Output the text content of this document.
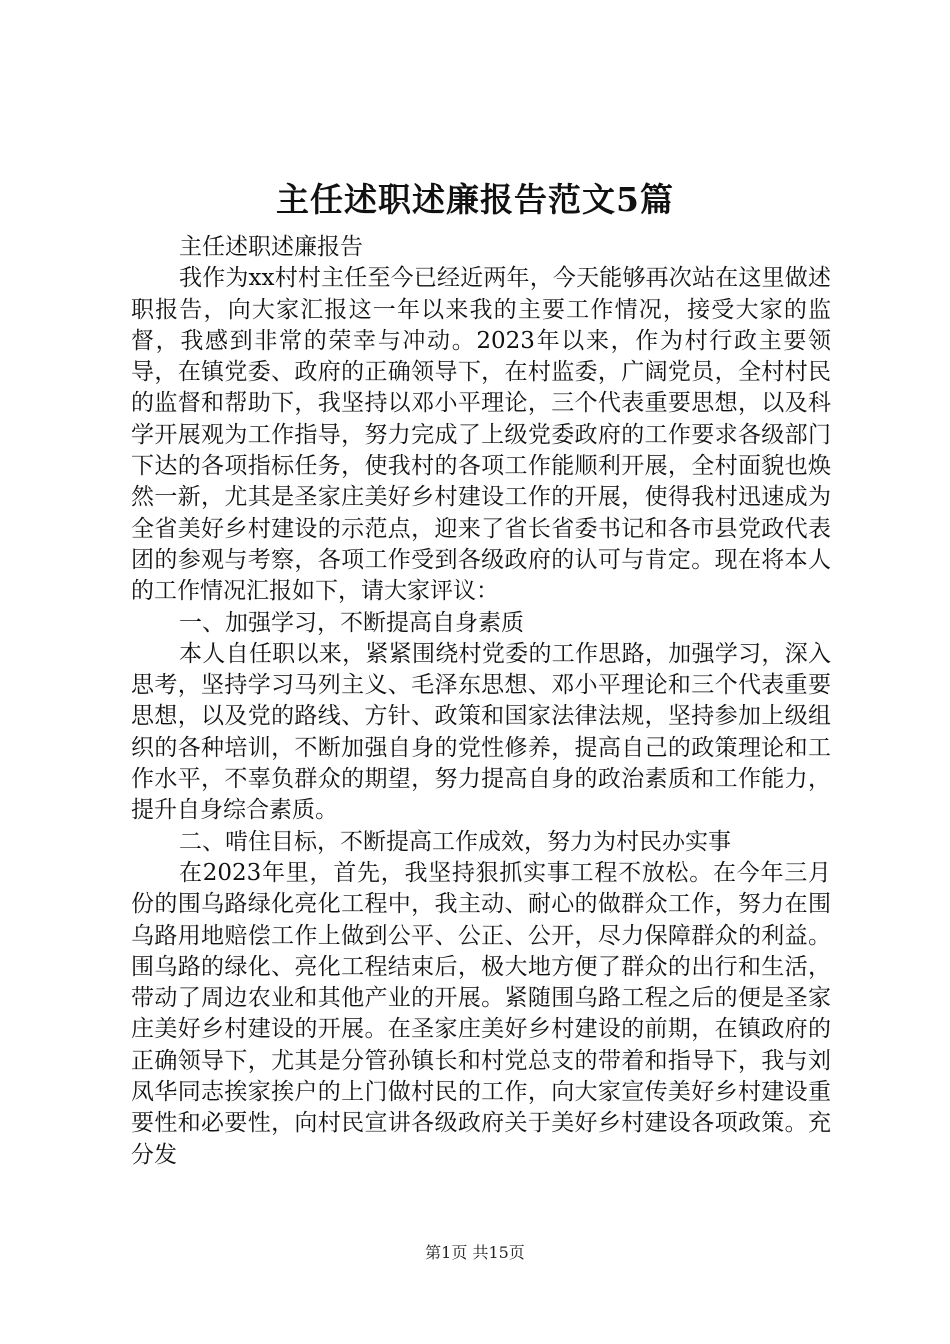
主任述职述廉报告范文5篇

主任述职述廉报告

我作为xx村村主任至今已经近两年，今天能够再次站在这里做述职报告，向大家汇报这一年以来我的主要工作情况，接受大家的监督，我感到非常的荣幸与冲动。2023年以来，作为村行政主要领导，在镇党委、政府的正确领导下，在村监委，广阔党员，全村村民的监督和帮助下，我坚持以邓小平理论，三个代表重要思想，以及科学开展观为工作指导，努力完成了上级党委政府的工作要求各级部门下达的各项指标任务，使我村的各项工作能顺利开展，全村面貌也焕然一新，尤其是圣家庄美好乡村建设工作的开展，使得我村迅速成为全省美好乡村建设的示范点，迎来了省长省委书记和各市县党政代表团的参观与考察，各项工作受到各级政府的认可与肯定。现在将本人的工作情况汇报如下，请大家评议：

一、加强学习，不断提高自身素质

本人自任职以来，紧紧围绕村党委的工作思路，加强学习，深入思考，坚持学习马列主义、毛泽东思想、邓小平理论和三个代表重要思想，以及党的路线、方针、政策和国家法律法规，坚持参加上级组织的各种培训，不断加强自身的党性修养，提高自己的政策理论和工作水平，不辜负群众的期望，努力提高自身的政治素质和工作能力，提升自身综合素质。

二、啃住目标，不断提高工作成效，努力为村民办实事

在2023年里，首先，我坚持狠抓实事工程不放松。在今年三月份的围乌路绿化亮化工程中，我主动、耐心的做群众工作，努力在围乌路用地赔偿工作上做到公平、公正、公开，尽力保障群众的利益。围乌路的绿化、亮化工程结束后，极大地方便了群众的出行和生活，带动了周边农业和其他产业的开展。紧随围乌路工程之后的便是圣家庄美好乡村建设的开展。在圣家庄美好乡村建设的前期，在镇政府的正确领导下，尤其是分管孙镇长和村党总支的带着和指导下，我与刘凤华同志挨家挨户的上门做村民的工作，向大家宣传美好乡村建设重要性和必要性，向村民宣讲各级政府关于美好乡村建设各项政策。充分发

第1页 共15页
